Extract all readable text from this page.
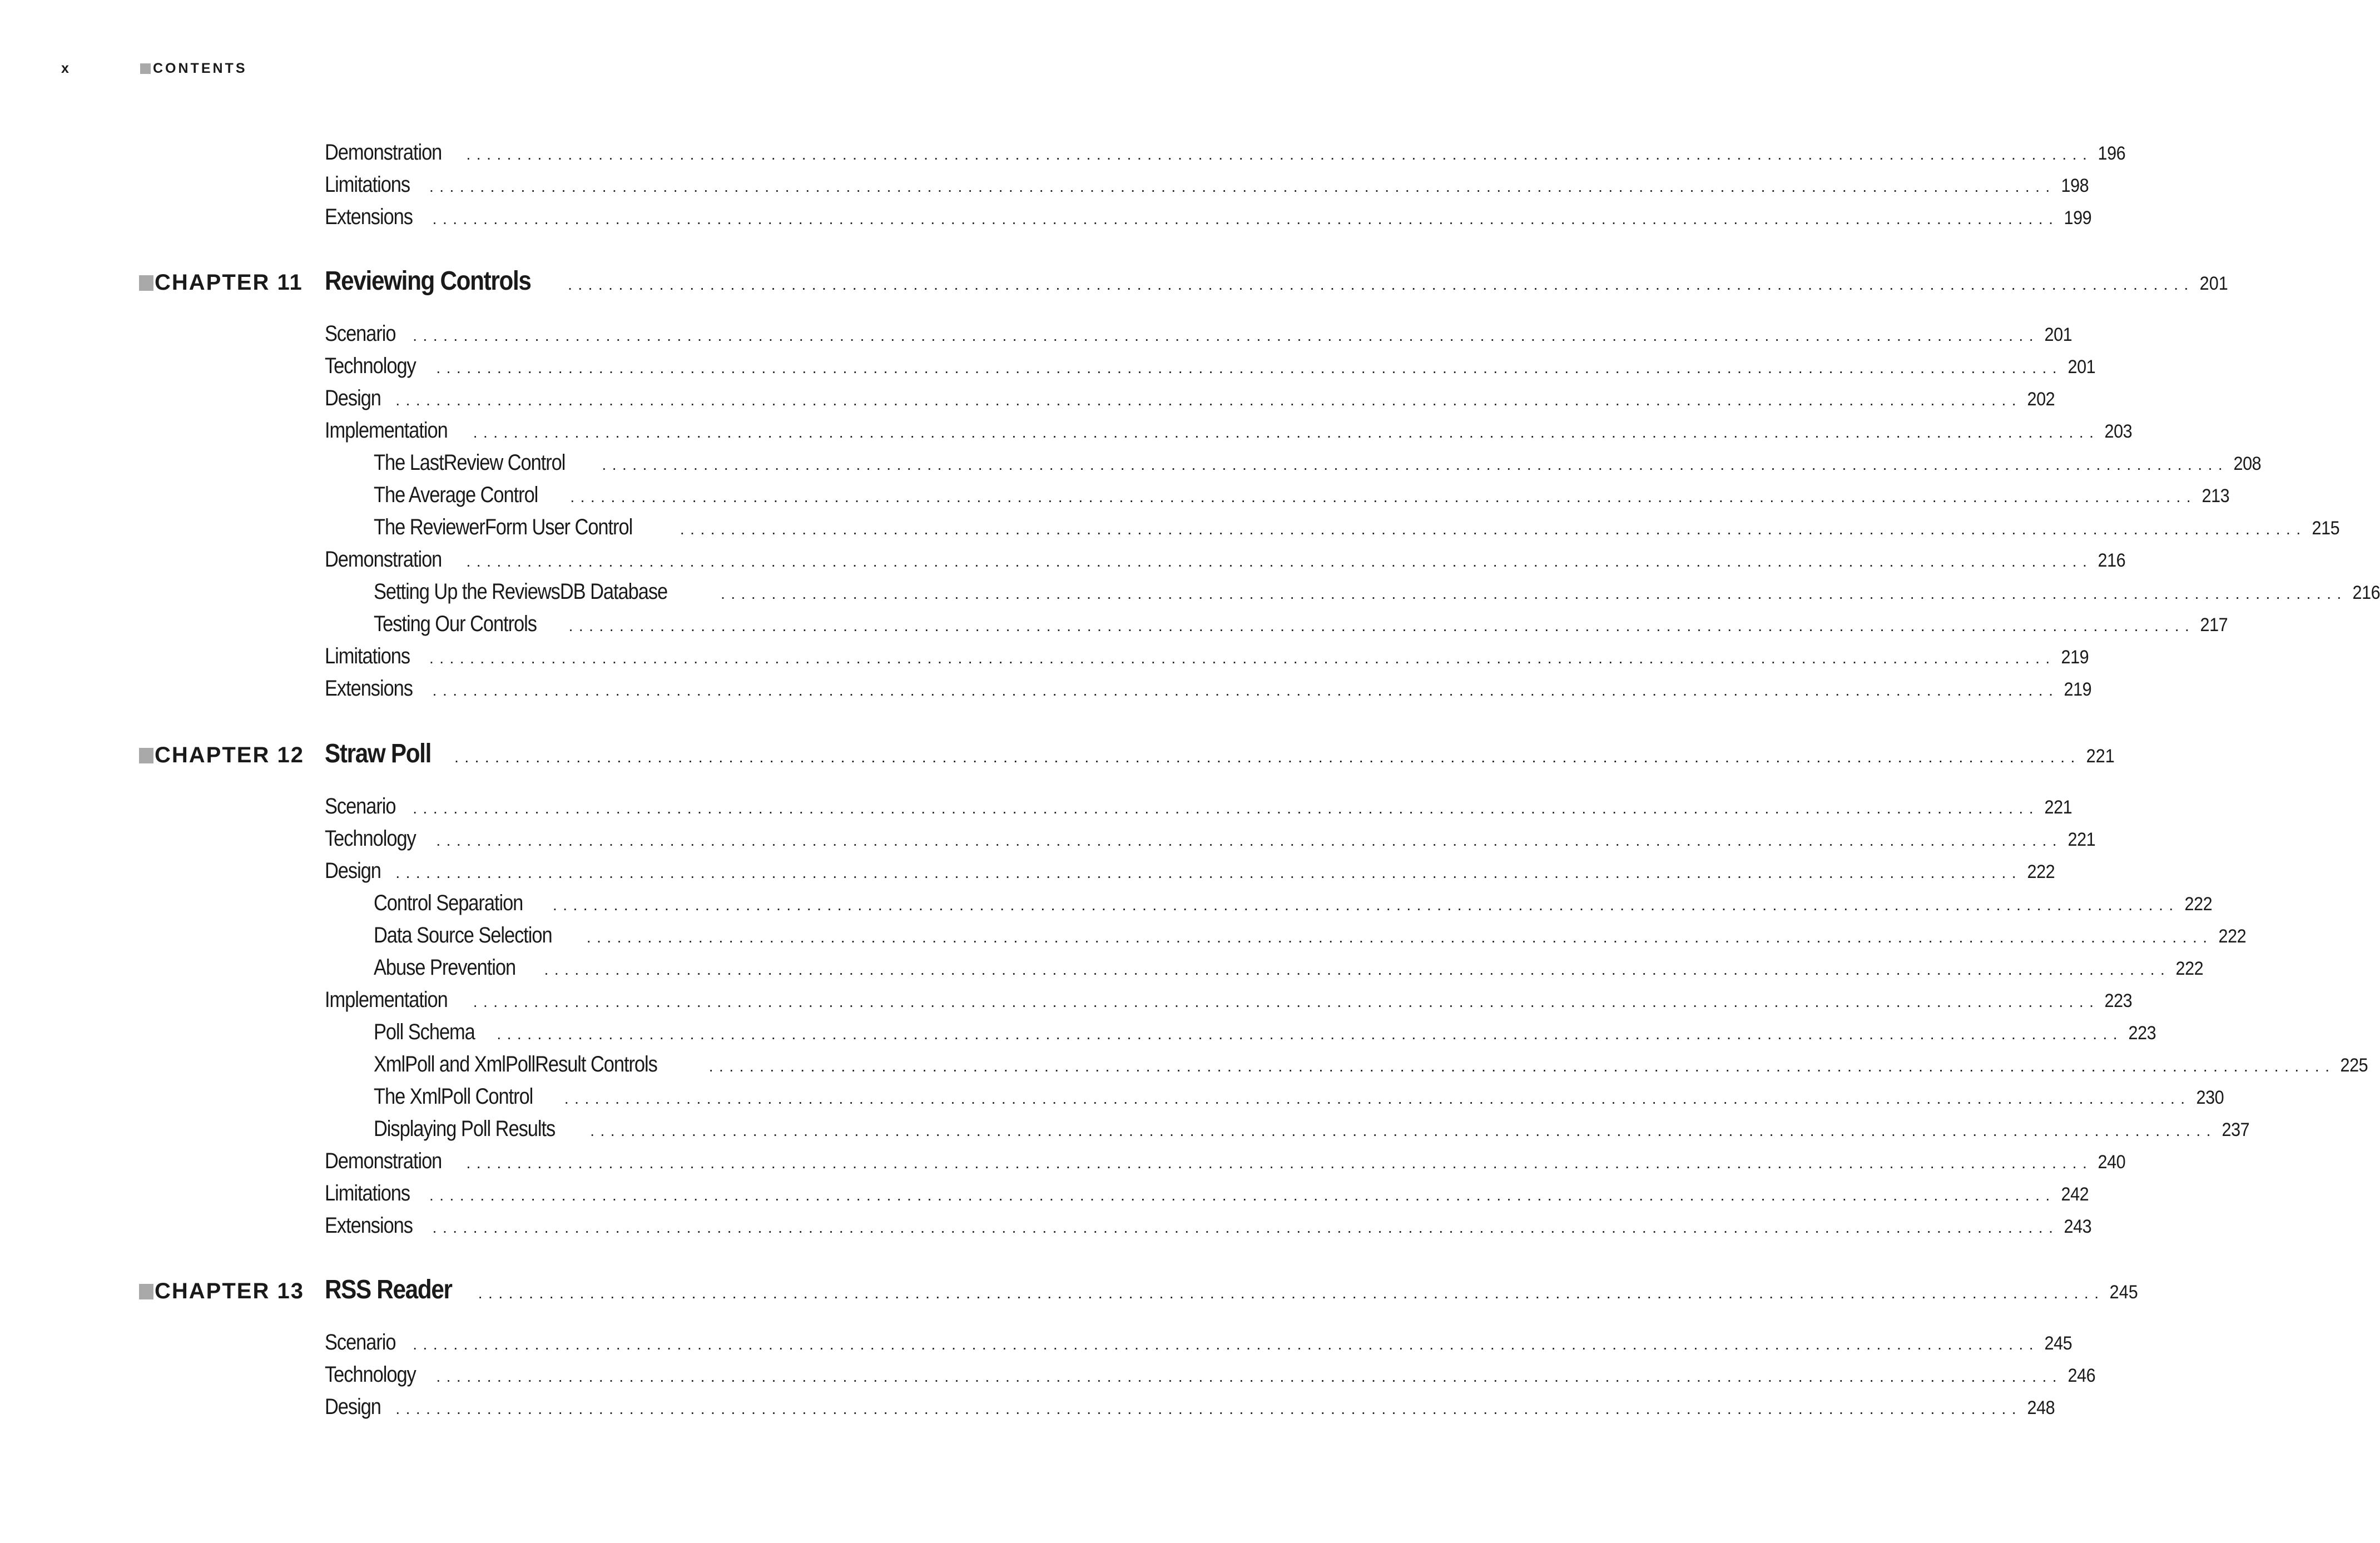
x	CONTENTS
Demonstration	................................................................................................................................................................ 196
Limitations	................................................................................................................................................................ 198
Extensions	................................................................................................................................................................ 199
CHAPTER 11 Reviewing Controls	................................................................................................................................................................ 201
Scenario	................................................................................................................................................................ 201
Technology	................................................................................................................................................................ 201
Design ................................................................................................................................................................ 202
Implementation	................................................................................................................................................................ 203
The LastReview Control	................................................................................................................................................................ 208
The Average Control	................................................................................................................................................................ 213
The ReviewerForm User Control	................................................................................................................................................................ 215
Demonstration	................................................................................................................................................................ 216
Setting Up the ReviewsDB Database	................................................................................................................................................................ 216
Testing Our Controls	................................................................................................................................................................ 217
Limitations	................................................................................................................................................................ 219
Extensions	................................................................................................................................................................ 219
CHAPTER 12 Straw Poll	................................................................................................................................................................ 221
Scenario	................................................................................................................................................................ 221
Technology	................................................................................................................................................................ 221
Design ................................................................................................................................................................ 222
Control Separation	................................................................................................................................................................ 222
Data Source Selection	................................................................................................................................................................ 222
Abuse Prevention	................................................................................................................................................................ 222
Implementation	................................................................................................................................................................ 223
Poll Schema	................................................................................................................................................................ 223
XmlPoll and XmlPollResult Controls	................................................................................................................................................................ 225
The XmlPoll Control	................................................................................................................................................................ 230
Displaying Poll Results	................................................................................................................................................................ 237
Demonstration	................................................................................................................................................................ 240
Limitations	................................................................................................................................................................ 242
Extensions	................................................................................................................................................................ 243
CHAPTER 13 RSS Reader	................................................................................................................................................................ 245
Scenario	................................................................................................................................................................ 245
Technology	................................................................................................................................................................ 246
Design ................................................................................................................................................................ 248
